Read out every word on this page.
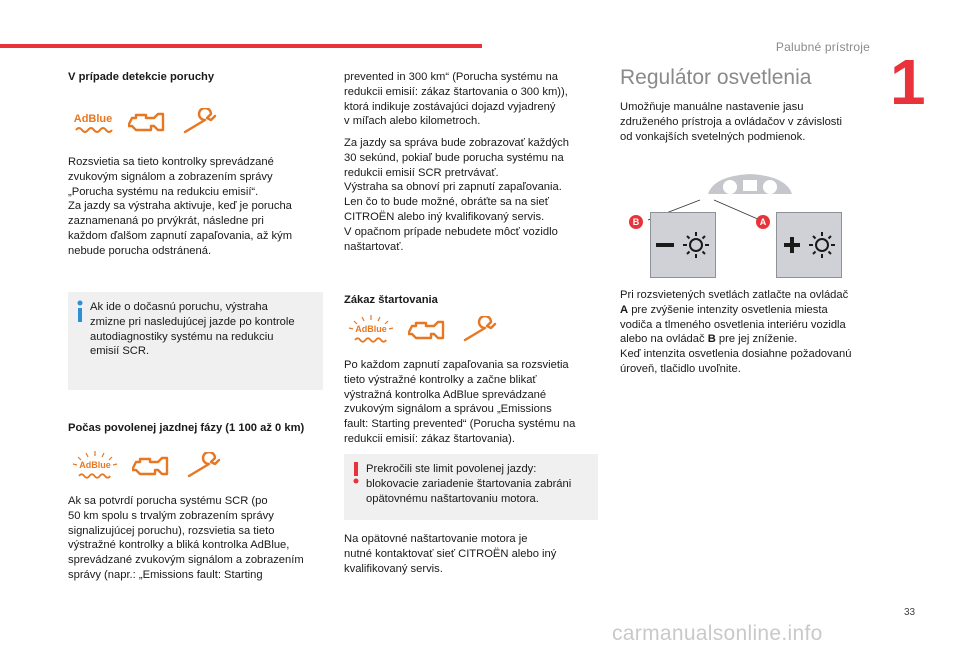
Palubné prístroje 1
V prípade detekcie poruchy
AdBlue
Rozsvietia sa tieto kontrolky sprevádzané
zvukovým signálom a zobrazením správy
„Porucha systému na redukciu emisií“.
Za jazdy sa výstraha aktivuje, keď je porucha
zaznamenaná po prvýkrát, následne pri
každom ďalšom zapnutí zapaľovania, až kým
nebude porucha odstránená.
Ak ide o dočasnú poruchu, výstraha
zmizne pri nasledujúcej jazde po kontrole
autodiagnostiky systému na redukciu
emisií SCR.
Počas povolenej jazdnej fázy (1 100 až 0 km)
AdBlue
Ak sa potvrdí porucha systému SCR (po
50 km spolu s trvalým zobrazením správy
signalizujúcej poruchu), rozsvietia sa tieto
výstražné kontrolky a bliká kontrolka AdBlue,
sprevádzané zvukovým signálom a zobrazením
správy (napr.: „Emissions fault: Starting
prevented in 300 km“ (Porucha systému na
redukcii emisií: zákaz štartovania o 300 km)),
ktorá indikuje zostávajúci dojazd vyjadrený
v míľach alebo kilometroch.
Za jazdy sa správa bude zobrazovať každých
30 sekúnd, pokiaľ bude porucha systému na
redukcii emisií SCR pretrvávať.
Výstraha sa obnoví pri zapnutí zapaľovania.
Len čo to bude možné, obráťte sa na sieť
CITROËN alebo iný kvalifikovaný servis.
V opačnom prípade nebudete môcť vozidlo
naštartovať.
Zákaz štartovania
AdBlue
Po každom zapnutí zapaľovania sa rozsvietia
tieto výstražné kontrolky a začne blikať
výstražná kontrolka AdBlue sprevádzané
zvukovým signálom a správou „Emissions
fault: Starting prevented“ (Porucha systému na
redukcii emisií: zákaz štartovania).
Prekročili ste limit povolenej jazdy:
blokovacie zariadenie štartovania zabráni
opätovnému naštartovaniu motora.
Na opätovné naštartovanie motora je
nutné kontaktovať sieť CITROËN alebo iný
kvalifikovaný servis.
Regulátor osvetlenia
Umožňuje manuálne nastavenie jasu
združeného prístroja a ovládačov v závislosti
od vonkajších svetelných podmienok.
B	A
Pri rozsvietených svetlách zatlačte na ovládač
A pre zvýšenie intenzity osvetlenia miesta
vodiča a tlmeného osvetlenia interiéru vozidla
alebo na ovládač B pre jej zníženie.
Keď intenzita osvetlenia dosiahne požadovanú
úroveň, tlačidlo uvoľnite.
33
carmanualsonline.info
